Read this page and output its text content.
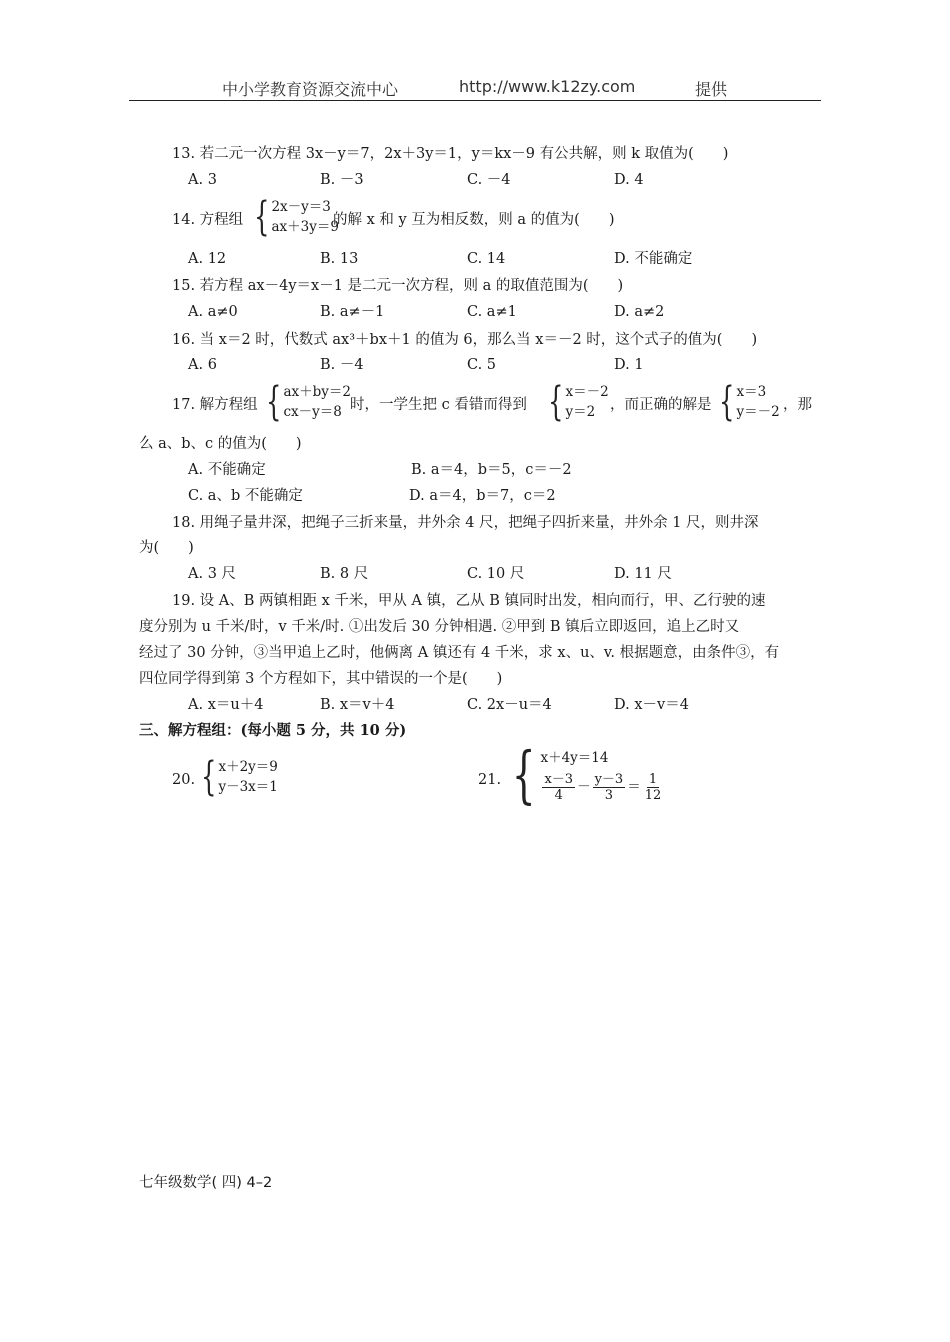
中小学教育资源交流中心	http://www.k12zy.com	提供
13. 若二元一次方程 3x－y＝7，2x＋3y＝1，y＝kx－9 有公共解，则 k 取值为(　　)
A. 3	B. －3	C. －4	D. 4
14. 方程组 { 2x－y＝3
ax＋3y＝9
的解 x 和 y 互为相反数，则 a 的值为(　　)
A. 12	B. 13	C. 14	D. 不能确定
15. 若方程 ax－4y＝x－1 是二元一次方程，则 a 的取值范围为(　　)
A. a≠0	B. a≠－1	C. a≠1	D. a≠2
16. 当 x＝2 时，代数式 ax³＋bx＋1 的值为 6，那么当 x＝－2 时，这个式子的值为(　　)
A. 6	B. －4	C. 5	D. 1
17. 解方程组 { ax＋by＝2
cx－y＝8 时，一学生把 c 看错而得到 { x＝－2
y＝2	，而正确的解是 { x＝3
y＝－2 ，那
么 a、b、c 的值为(　　)
A. 不能确定	B. a＝4，b＝5，c＝－2
C. a、b 不能确定	D. a＝4，b＝7，c＝2
18. 用绳子量井深，把绳子三折来量，井外余 4 尺，把绳子四折来量，井外余 1 尺，则井深
为(　　)
A. 3 尺	B. 8 尺	C. 10 尺	D. 11 尺
19. 设 A、B 两镇相距 x 千米，甲从 A 镇，乙从 B 镇同时出发，相向而行，甲、乙行驶的速
度分别为 u 千米/时，v 千米/时. ①出发后 30 分钟相遇. ②甲到 B 镇后立即返回，追上乙时又
经过了 30 分钟，③当甲追上乙时，他俩离 A 镇还有 4 千米，求 x、u、v. 根据题意，由条件③，有
四位同学得到第 3 个方程如下，其中错误的一个是(　　)
A. x＝u＋4	B. x＝v＋4	C. 2x－u＝4	D. x－v＝4
三、解方程组：(每小题 5 分，共 10 分)
20. { x＋2y＝9
y－3x＝1	21. { x＋4y＝14
$\frac{x-3}{4} - \frac{y-3}{3} = \frac{1}{12}$
七年级数学( 四) 4–2
